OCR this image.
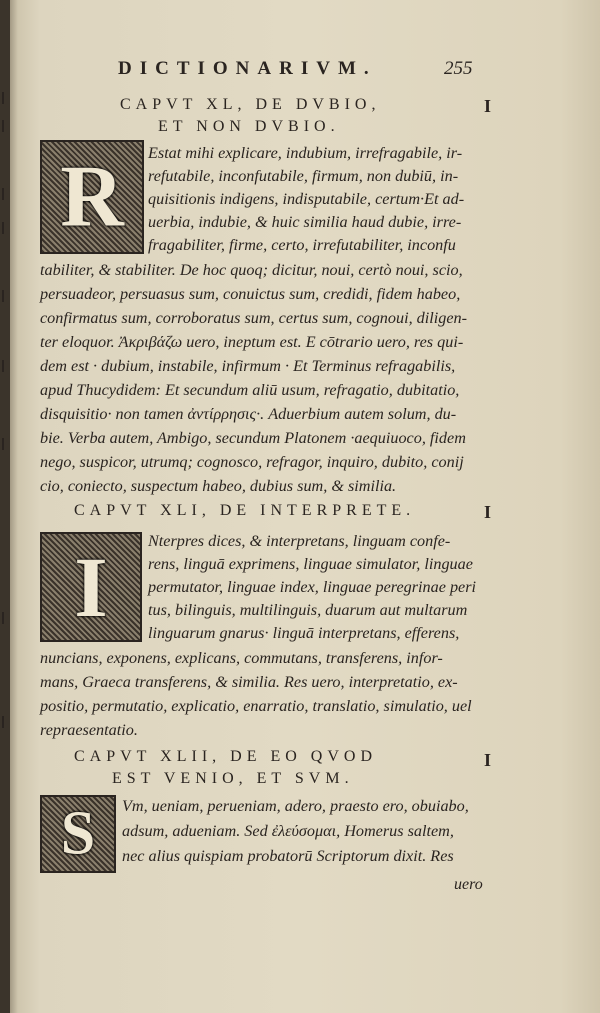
DICTIONARIVM.	255
CAPVT XL, DE DVBIO,
ET NON DVBIO.
I
R	Estat mihi explicare, indubium, irrefragabile, ir-
refutabile, inconfutabile, firmum, non dubiū, in-
quisitionis indigens, indisputabile, certum·Et ad-
uerbia, indubie, & huic similia haud dubie, irre-
fragabiliter, firme, certo, irrefutabiliter, inconfu
tabiliter, & stabiliter. De hoc quoq; dicitur, noui, certò noui, scio,
persuadeor, persuasus sum, conuictus sum, credidi, fidem habeo,
confirmatus sum, corroboratus sum, certus sum, cognoui, diligen-
ter eloquor. Ἀκριβάζω uero, ineptum est. E cōtrario uero, res qui-
dem est · dubium, instabile, infirmum · Et Terminus refragabilis,
apud Thucydidem: Et secundum aliū usum, refragatio, dubitatio,
disquisitio· non tamen ἀντίρρησις·. Aduerbium autem solum, du-
bie. Verba autem, Ambigo, secundum Platonem ·aequiuoco, fidem
nego, suspicor, utrumq; cognosco, refragor, inquiro, dubito, conij
cio, coniecto, suspectum habeo, dubius sum, & similia.
CAPVT XLI, DE INTERPRETE.	I
I	Nterpres dices, & interpretans, linguam confe-
rens, linguā exprimens, linguae simulator, linguae
permutator, linguae index, linguae peregrinae peri
tus, bilinguis, multilinguis, duarum aut multarum
linguarum gnarus· linguā interpretans, efferens,
nuncians, exponens, explicans, commutans, transferens, infor-
mans, Graeca transferens, & similia. Res uero, interpretatio, ex-
positio, permutatio, explicatio, enarratio, translatio, simulatio, uel
repraesentatio.
CAPVT XLII, DE EO QVOD
EST VENIO, ET SVM.
I
S	Vm, ueniam, perueniam, adero, praesto ero, obuiabo,
adsum, adueniam. Sed ἐλεύσομαι, Homerus saltem,
nec alius quispiam probatorū Scriptorum dixit. Res
uero
